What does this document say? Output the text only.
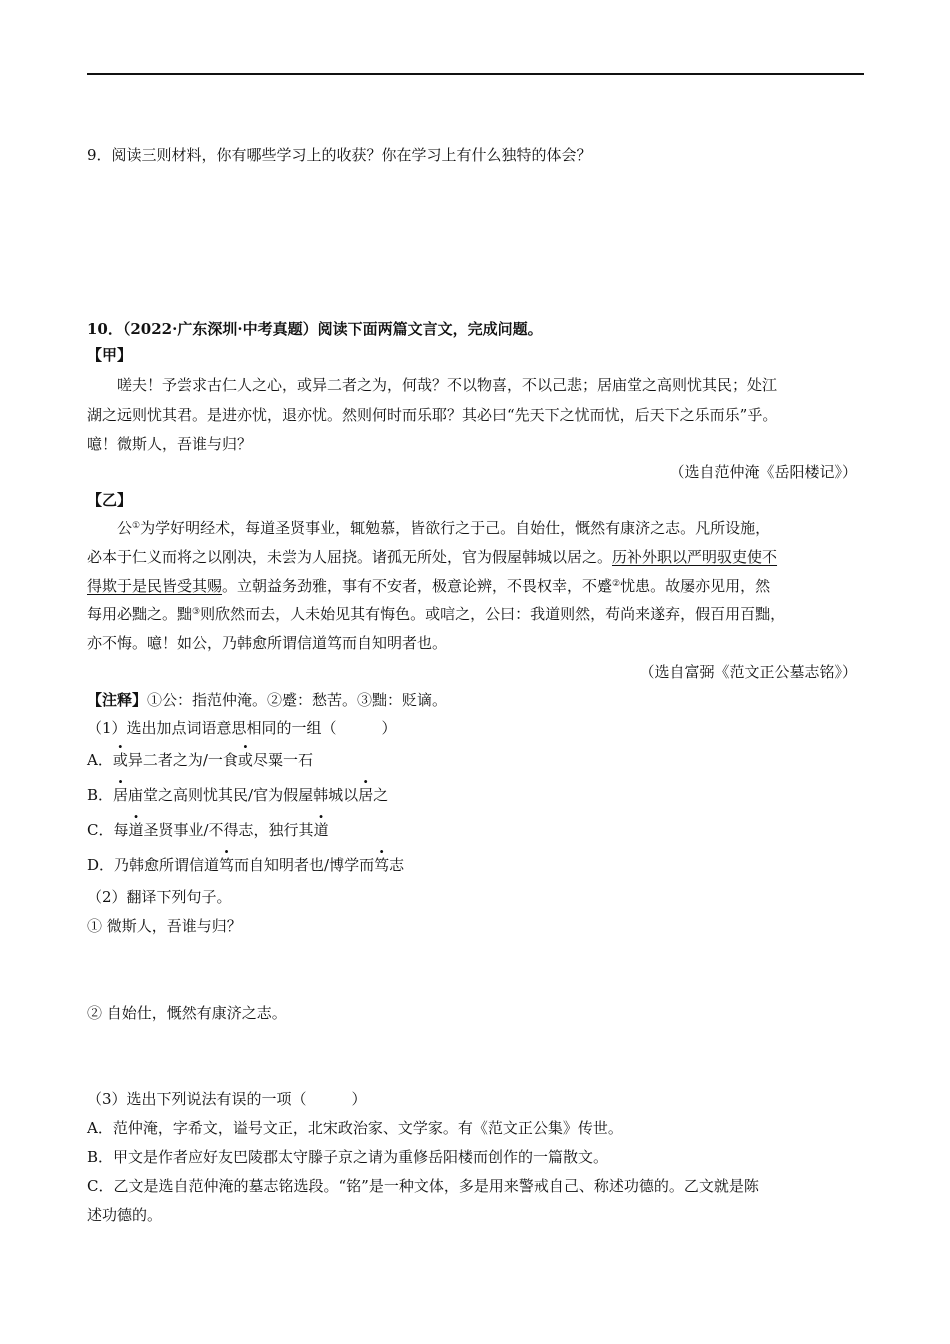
9．阅读三则材料，你有哪些学习上的收获？你在学习上有什么独特的体会？
10．（2022·广东深圳·中考真题）阅读下面两篇文言文，完成问题。
【甲】
嗟夫！予尝求古仁人之心，或异二者之为，何哉？不以物喜，不以己悲；居庙堂之高则忧其民；处江
湖之远则忧其君。是进亦忧，退亦忧。然则何时而乐耶？其必曰“先天下之忧而忧，后天下之乐而乐”乎。
噫！微斯人，吾谁与归？
（选自范仲淹《岳阳楼记》）
【乙】
公①为学好明经术，每道圣贤事业，辄勉慕，皆欲行之于己。自始仕，慨然有康济之志。凡所设施，
必本于仁义而将之以刚决，未尝为人屈挠。诸孤无所处，官为假屋韩城以居之。历补外职以严明驭吏使不
得欺于是民皆受其赐。立朝益务劲雅，事有不安者，极意论辨，不畏权幸，不蹙②忧患。故屡亦见用，然
每用必黜之。黜③则欣然而去，人未始见其有悔色。或唁之，公曰：我道则然，苟尚来遂弃，假百用百黜，
亦不悔。噫！如公，乃韩愈所谓信道笃而自知明者也。
（选自富弼《范文正公墓志铭》）
【注释】①公：指范仲淹。②蹙：愁苦。③黜：贬谪。
（1）选出加点词语意思相同的一组（　　　）
A．或异二者之为/一食或尽粟一石
B．居庙堂之高则忧其民/官为假屋韩城以居之
C．每道圣贤事业/不得志，独行其道
D．乃韩愈所谓信道笃而自知明者也/博学而笃志
（2）翻译下列句子。
① 微斯人，吾谁与归？
② 自始仕，慨然有康济之志。
（3）选出下列说法有误的一项（　　　）
A．范仲淹，字希文，谥号文正，北宋政治家、文学家。有《范文正公集》传世。
B．甲文是作者应好友巴陵郡太守滕子京之请为重修岳阳楼而创作的一篇散文。
C．乙文是选自范仲淹的墓志铭选段。“铭”是一种文体，多是用来警戒自己、称述功德的。乙文就是陈
述功德的。
